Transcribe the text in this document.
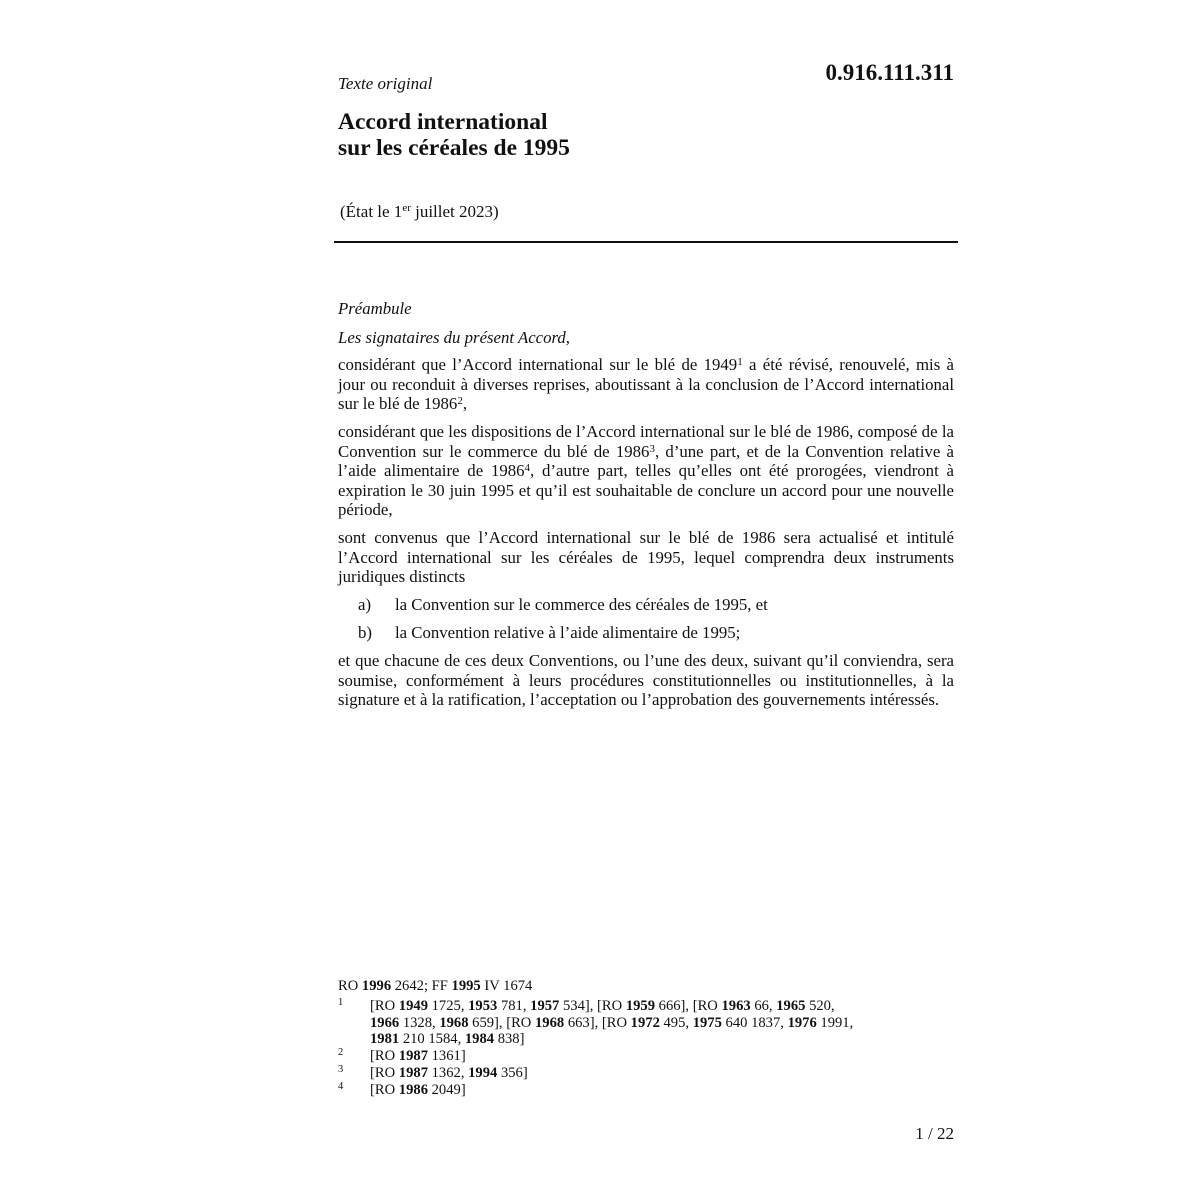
Texte original	0.916.111.311
Accord international
sur les céréales de 1995
(État le 1er juillet 2023)
Préambule
Les signataires du présent Accord,
considérant que l’Accord international sur le blé de 1949$^1$ a été révisé, renouvelé, mis à jour ou reconduit à diverses reprises, aboutissant à la conclusion de l’Accord international sur le blé de 1986$^2$,
considérant que les dispositions de l’Accord international sur le blé de 1986, composé de la Convention sur le commerce du blé de 1986$^3$, d’une part, et de la Convention relative à l’aide alimentaire de 1986$^4$, d’autre part, telles qu’elles ont été prorogées, viendront à expiration le 30 juin 1995 et qu’il est souhaitable de conclure un accord pour une nouvelle période,
sont convenus que l’Accord international sur le blé de 1986 sera actualisé et intitulé l’Accord international sur les céréales de 1995, lequel comprendra deux instruments juridiques distincts
a) la Convention sur le commerce des céréales de 1995, et
b) la Convention relative à l’aide alimentaire de 1995;
et que chacune de ces deux Conventions, ou l’une des deux, suivant qu’il conviendra, sera soumise, conformément à leurs procédures constitutionnelles ou institutionnelles, à la signature et à la ratification, l’acceptation ou l’approbation des gouvernements intéressés.
RO 1996 2642; FF 1995 IV 1674
1 [RO 1949 1725, 1953 781, 1957 534], [RO 1959 666], [RO 1963 66, 1965 520,
1966 1328, 1968 659], [RO 1968 663], [RO 1972 495, 1975 640 1837, 1976 1991,
1981 210 1584, 1984 838]
2 [RO 1987 1361]
3 [RO 1987 1362, 1994 356]
4 [RO 1986 2049]
1 / 22
